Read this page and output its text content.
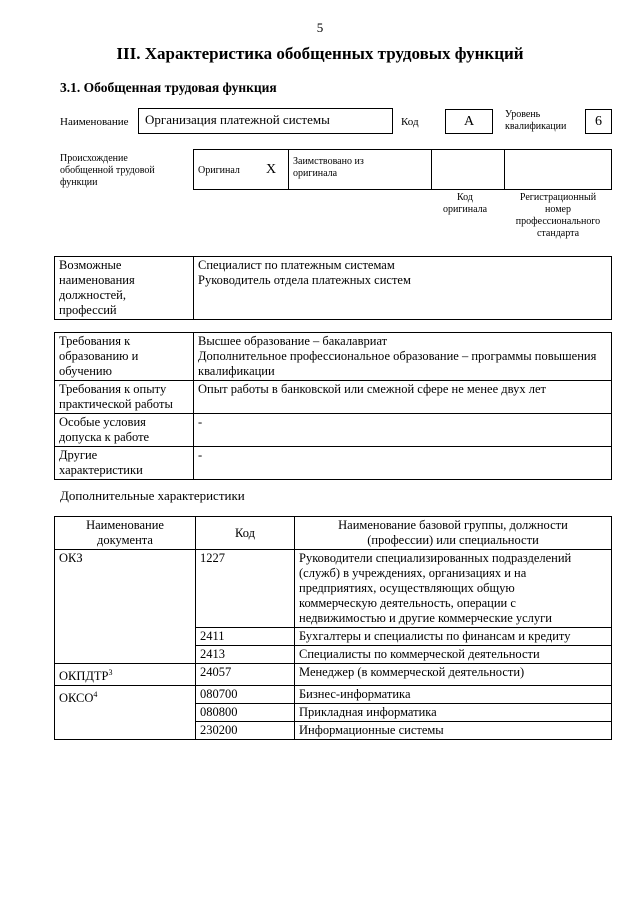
5
III. Характеристика обобщенных трудовых функций
3.1. Обобщенная трудовая функция
Наименование	Организация платежной системы	Код	A	Уровень
квалификации	6
Происхождение
обобщенной трудовой
функции
Оригинал X
Заимствовано из
оригинала
Код
оригинала
Регистрационный
номер
профессионального
стандарта
Возможные
наименования
должностей,
профессий	Специалист по платежным системам
Руководитель отдела платежных систем
Требования к
образованию и
обучению	Высшее образование – бакалавриат
Дополнительное профессиональное образование – программы повышения
квалификации
Требования к опыту
практической работы	Опыт работы в банковской или смежной сфере не менее двух лет
Особые условия
допуска к работе	-
Другие
характеристики	-
Дополнительные характеристики
Наименование
документа	Код	Наименование базовой группы, должности
(профессии) или специальности
ОКЗ	1227	Руководители специализированных подразделений
(служб) в учреждениях, организациях и на
предприятиях, осуществляющих общую
коммерческую деятельность, операции с
недвижимостью и другие коммерческие услуги
	2411	Бухгалтеры и специалисты по финансам и кредиту
	2413	Специалисты по коммерческой деятельности
ОКПДТР$^3$	24057	Менеджер (в коммерческой деятельности)
ОКСО$^4$	080700	Бизнес-информатика
	080800	Прикладная информатика
	230200	Информационные системы
